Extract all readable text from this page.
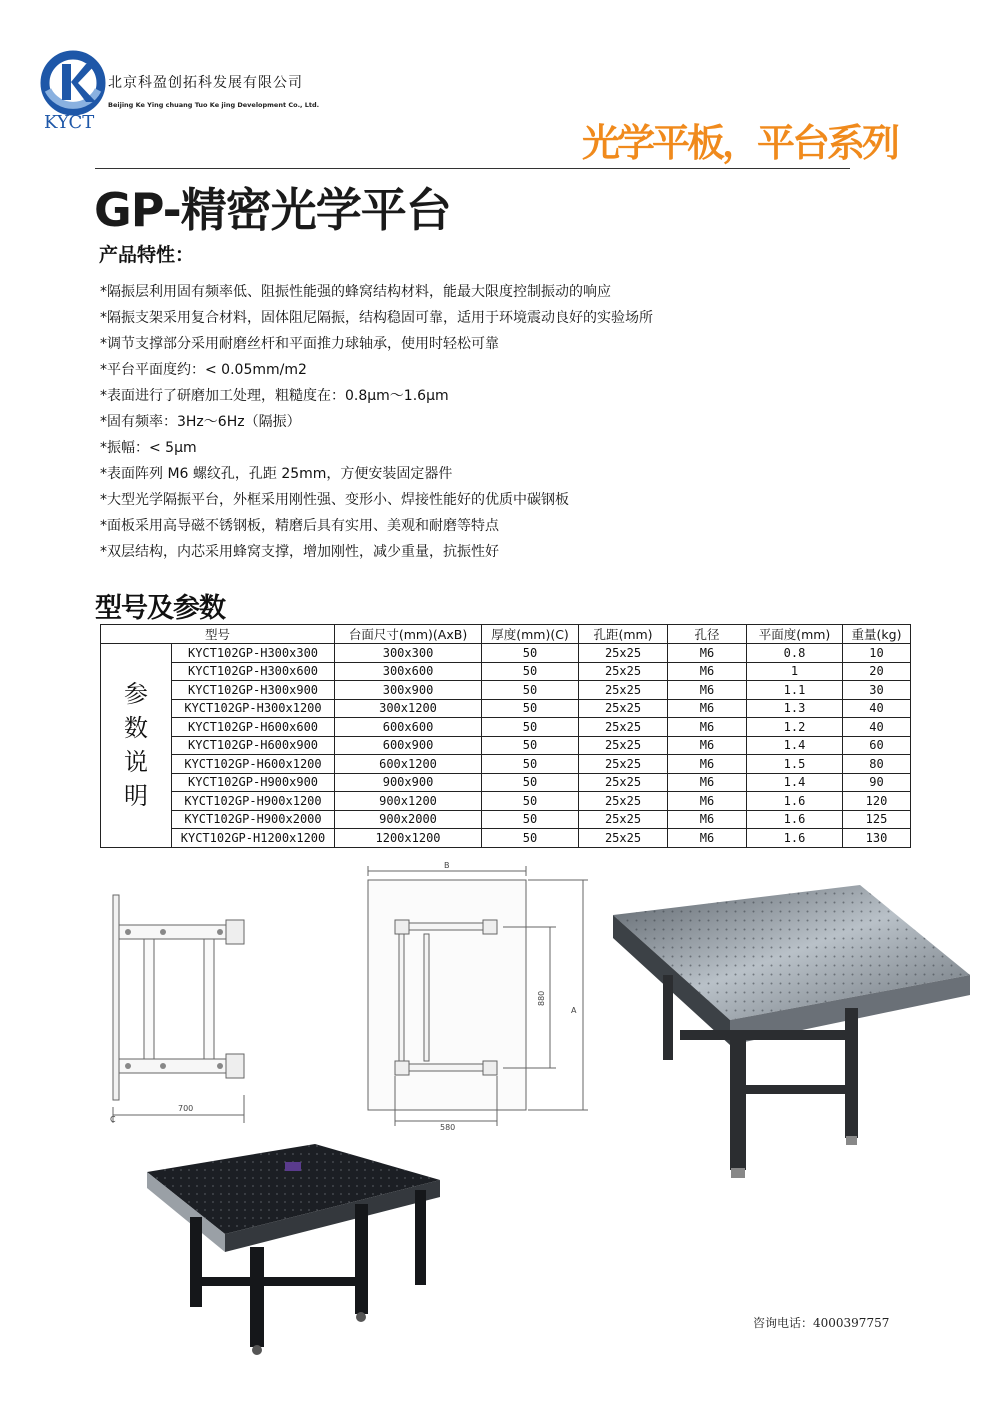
KYCT
北京科盈创拓科发展有限公司
Beijing Ke Ying chuang Tuo Ke jing Development Co., Ltd.
光学平板，平台系列
GP-精密光学平台
产品特性：
*隔振层利用固有频率低、阻振性能强的蜂窝结构材料，能最大限度控制振动的响应
*隔振支架采用复合材料，固体阻尼隔振，结构稳固可靠，适用于环境震动良好的实验场所
*调节支撑部分采用耐磨丝杆和平面推力球轴承，使用时轻松可靠
*平台平面度约：< 0.05mm/m2
*表面进行了研磨加工处理，粗糙度在：0.8μm～1.6μm
*固有频率：3Hz～6Hz（隔振）
*振幅：< 5μm
*表面阵列 M6 螺纹孔，孔距 25mm，方便安装固定器件
*大型光学隔振平台，外框采用刚性强、变形小、焊接性能好的优质中碳钢板
*面板采用高导磁不锈钢板，精磨后具有实用、美观和耐磨等特点
*双层结构，内芯采用蜂窝支撑，增加刚性，减少重量，抗振性好
型号及参数
型号		台面尺寸(mm)(AxB)	厚度(mm)(C)	孔距(mm)	孔径	平面度(mm)	重量(kg)

参
数
说
明	KYCT102GP-H300x300	300x300	50	25x25	M6	0.8	10
	KYCT102GP-H300x600	300x600	50	25x25	M6	1	20
	KYCT102GP-H300x900	300x900	50	25x25	M6	1.1	30
	KYCT102GP-H300x1200	300x1200	50	25x25	M6	1.3	40
	KYCT102GP-H600x600	600x600	50	25x25	M6	1.2	40
	KYCT102GP-H600x900	600x900	50	25x25	M6	1.4	60
	KYCT102GP-H600x1200	600x1200	50	25x25	M6	1.5	80
	KYCT102GP-H900x900	900x900	50	25x25	M6	1.4	90
	KYCT102GP-H900x1200	900x1200	50	25x25	M6	1.6	120
	KYCT102GP-H900x2000	900x2000	50	25x25	M6	1.6	125
	KYCT102GP-H1200x1200	1200x1200	50	25x25	M6	1.6	130
C
700
B
A
880
580
咨询电话：4000397757
